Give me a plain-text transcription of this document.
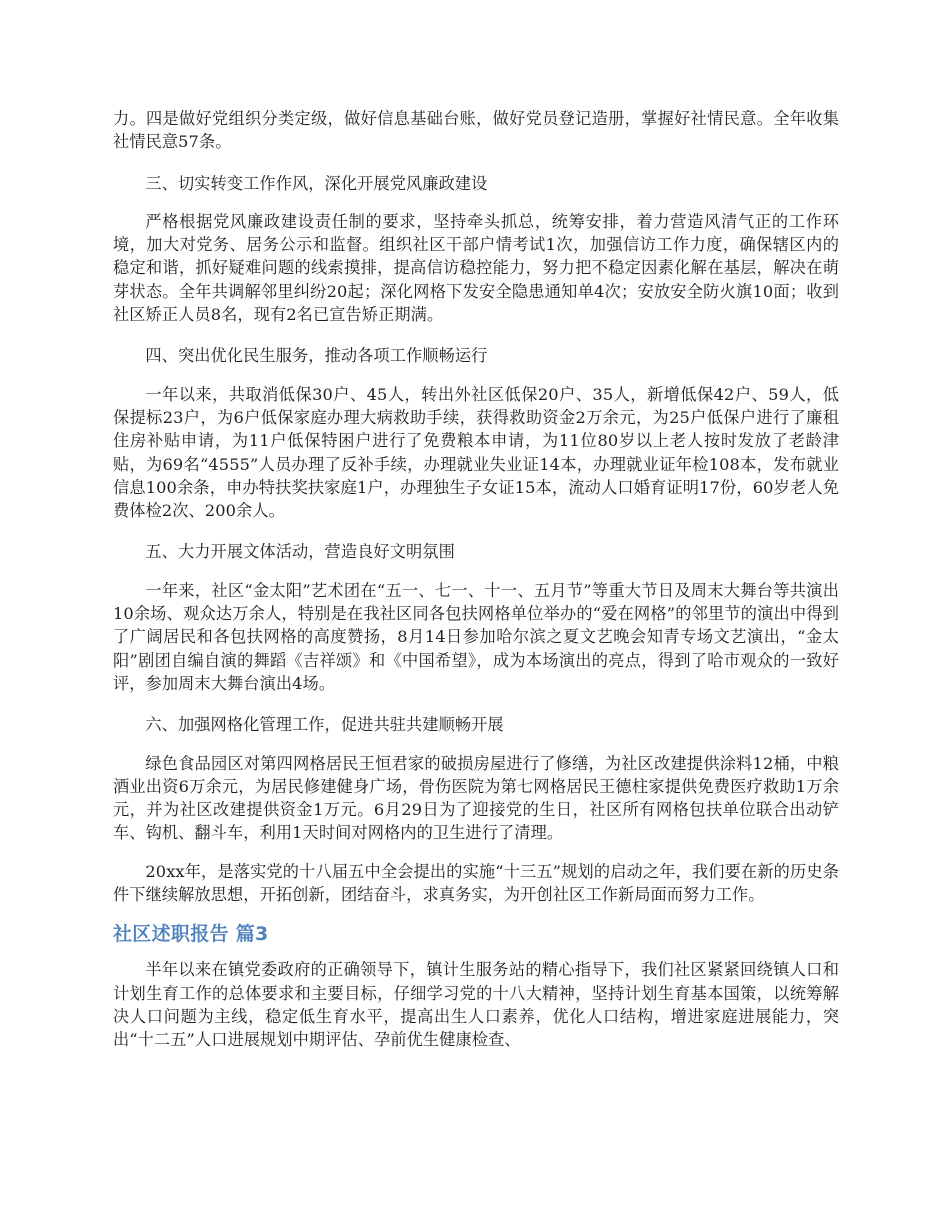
力。四是做好党组织分类定级，做好信息基础台账，做好党员登记造册，掌握好社情民意。全年收集社情民意57条。

三、切实转变工作作风，深化开展党风廉政建设

严格根据党风廉政建设责任制的要求，坚持牵头抓总，统筹安排，着力营造风清气正的工作环境，加大对党务、居务公示和监督。组织社区干部户情考试1次，加强信访工作力度，确保辖区内的稳定和谐，抓好疑难问题的线索摸排，提高信访稳控能力，努力把不稳定因素化解在基层，解决在萌芽状态。全年共调解邻里纠纷20起；深化网格下发安全隐患通知单4次；安放安全防火旗10面；收到社区矫正人员8名，现有2名已宣告矫正期满。

四、突出优化民生服务，推动各项工作顺畅运行

一年以来，共取消低保30户、45人，转出外社区低保20户、35人，新增低保42户、59人，低保提标23户，为6户低保家庭办理大病救助手续，获得救助资金2万余元，为25户低保户进行了廉租住房补贴申请，为11户低保特困户进行了免费粮本申请，为11位80岁以上老人按时发放了老龄津贴，为69名“4555”人员办理了反补手续，办理就业失业证14本，办理就业证年检108本，发布就业信息100余条，申办特扶奖扶家庭1户，办理独生子女证15本，流动人口婚育证明17份，60岁老人免费体检2次、200余人。

五、大力开展文体活动，营造良好文明氛围

一年来，社区“金太阳”艺术团在“五一、七一、十一、五月节”等重大节日及周末大舞台等共演出10余场、观众达万余人，特别是在我社区同各包扶网格单位举办的“爱在网格”的邻里节的演出中得到了广阔居民和各包扶网格的高度赞扬，8月14日参加哈尔滨之夏文艺晚会知青专场文艺演出，“金太阳”剧团自编自演的舞蹈《吉祥颂》和《中国希望》，成为本场演出的亮点，得到了哈市观众的一致好评，参加周末大舞台演出4场。

六、加强网格化管理工作，促进共驻共建顺畅开展

绿色食品园区对第四网格居民王恒君家的破损房屋进行了修缮，为社区改建提供涂料12桶，中粮酒业出资6万余元，为居民修建健身广场，骨伤医院为第七网格居民王德柱家提供免费医疗救助1万余元，并为社区改建提供资金1万元。6月29日为了迎接党的生日，社区所有网格包扶单位联合出动铲车、钩机、翻斗车，利用1天时间对网格内的卫生进行了清理。

20xx年，是落实党的十八届五中全会提出的实施“十三五”规划的启动之年，我们要在新的历史条件下继续解放思想，开拓创新，团结奋斗，求真务实，为开创社区工作新局面而努力工作。

社区述职报告 篇3

半年以来在镇党委政府的正确领导下，镇计生服务站的精心指导下，我们社区紧紧回绕镇人口和计划生育工作的总体要求和主要目标，仔细学习党的十八大精神，坚持计划生育基本国策，以统筹解决人口问题为主线，稳定低生育水平，提高出生人口素养，优化人口结构，增进家庭进展能力，突出“十二五”人口进展规划中期评估、孕前优生健康检查、
